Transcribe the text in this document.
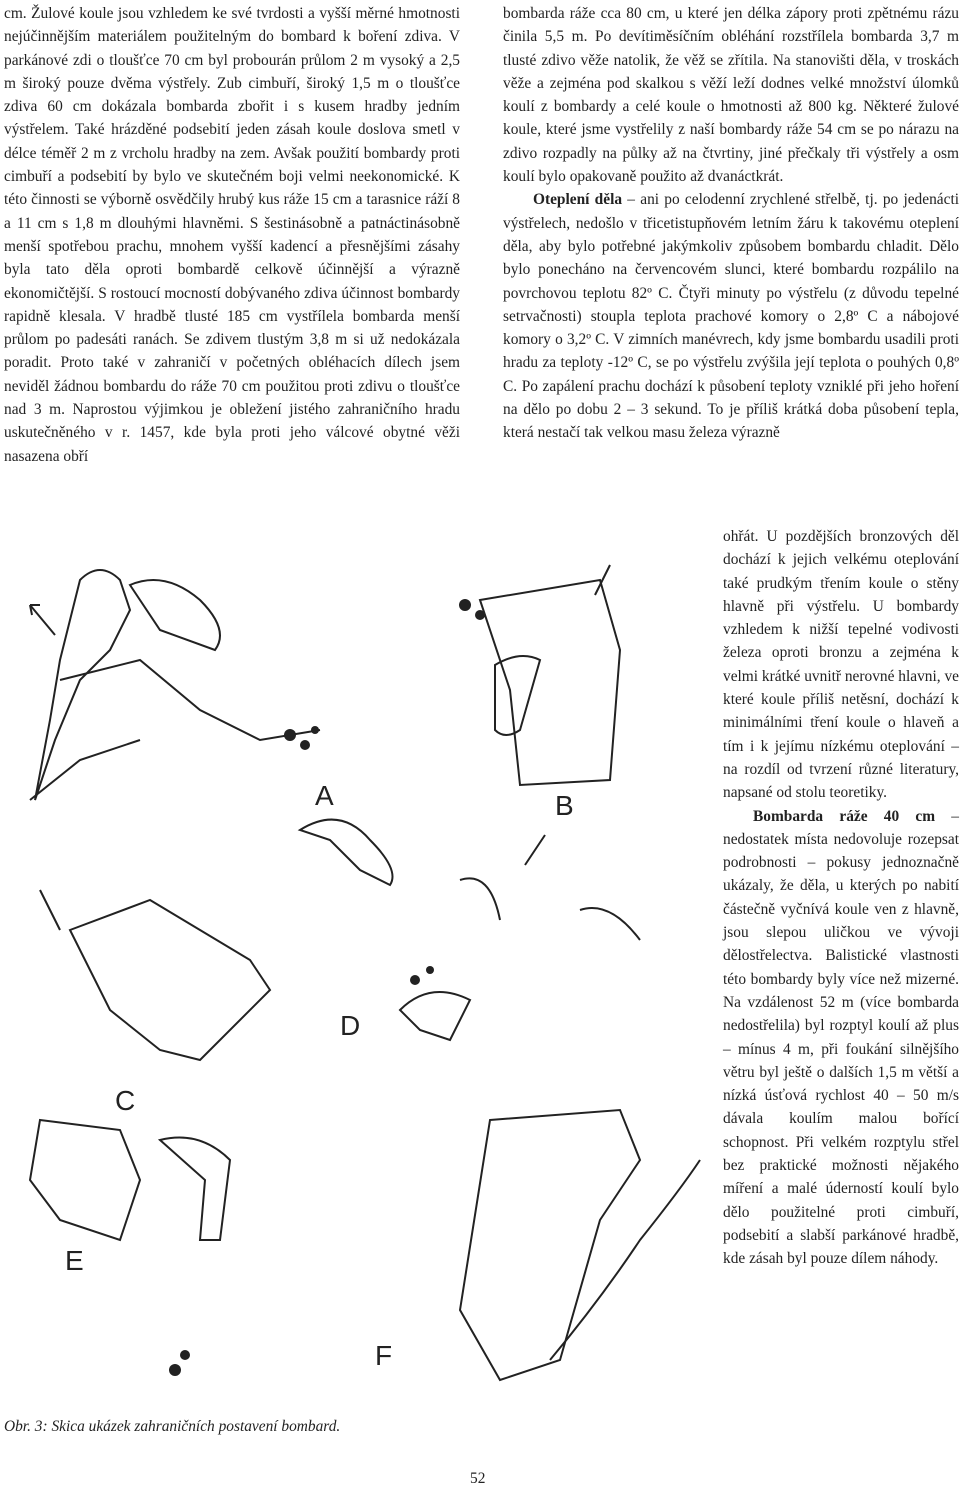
cm. Žulové koule jsou vzhledem ke své tvrdosti a vyšší měrné hmotnosti nejúčinnějším materiálem použitelným do bombard k boření zdiva. V parkánové zdi o tloušťce 70 cm byl probourán průlom 2 m vysoký a 2,5 m široký pouze dvěma výstřely. Zub cimbuří, široký 1,5 m o tloušťce zdiva 60 cm dokázala bombarda zbořit i s kusem hradby jedním výstřelem. Také hrázděné podsebití jeden zásah koule doslova smetl v délce téměř 2 m z vrcholu hradby na zem. Avšak použití bombardy proti cimbuří a podsebití by bylo ve skutečném boji velmi neekonomické. K této činnosti se výborně osvědčily hrubý kus ráže 15 cm a tarasnice ráží 8 a 11 cm s 1,8 m dlouhými hlavněmi. S šestinásobně a patnáctinásobně menší spotřebou prachu, mnohem vyšší kadencí a přesnějšími zásahy byla tato děla oproti bombardě celkově účinnější a výrazně ekonomičtější. S rostoucí mocností dobývaného zdiva účinnost bombardy rapidně klesala. V hradbě tlusté 185 cm vystřílela bombarda menší průlom po padesáti ranách. Se zdivem tlustým 3,8 m si už nedokázala poradit. Proto také v zahraničí v početných obléhacích dílech jsem neviděl žádnou bombardu do ráže 70 cm použitou proti zdivu o tloušťce nad 3 m. Naprostou výjimkou je obležení jistého zahraničního hradu uskutečněného v r. 1457, kde byla proti jeho válcové obytné věži nasazena obří

bombarda ráže cca 80 cm, u které jen délka zápory proti zpětnému rázu činila 5,5 m. Po devítiměsíčním obléhání rozstřílela bombarda 3,7 m tlusté zdivo věže natolik, že věž se zřítila. Na stanovišti děla, v troskách věže a zejména pod skalkou s věží leží dodnes velké množství úlomků koulí z bombardy a celé koule o hmotnosti až 800 kg. Některé žulové koule, které jsme vystřelily z naší bombardy ráže 54 cm se po nárazu na zdivo rozpadly na půlky až na čtvrtiny, jiné přečkaly tři výstřely a osm koulí bylo opakovaně použito až dvanáctkrát.

Oteplení děla – ani po celodenní zrychlené střelbě, tj. po jedenácti výstřelech, nedošlo v třicetistupňovém letním žáru k takovému oteplení děla, aby bylo potřebné jakýmkoliv způsobem bombardu chladit. Dělo bylo ponecháno na červencovém slunci, které bombardu rozpálilo na povrchovou teplotu 82º C. Čtyři minuty po výstřelu (z důvodu tepelné setrvačnosti) stoupla teplota prachové komory o 2,8º C a nábojové komory o 3,2º C. V zimních manévrech, kdy jsme bombardu usadili proti hradu za teploty -12º C, se po výstřelu zvýšila její teplota o pouhých 0,8º C. Po zapálení prachu dochází k působení teploty vzniklé při jeho hoření na dělo po dobu 2 – 3 sekund. To je příliš krátká doba působení tepla, která nestačí tak velkou masu železa výrazně

ohřát. U pozdějších bronzových děl dochází k jejich velkému oteplování také prudkým třením koule o stěny hlavně při výstřelu. U bombardy vzhledem k nižší tepelné vodivosti železa oproti bronzu a zejména k velmi krátké uvnitř nerovné hlavni, ve které koule příliš netěsní, dochází k minimálními tření koule o hlaveň a tím i k jejímu nízkému oteplování – na rozdíl od tvrzení různé literatury, napsané od stolu teoretiky.

Bombarda ráže 40 cm – nedostatek místa nedovoluje rozepsat podrobnosti – pokusy jednoznačně ukázaly, že děla, u kterých po nabití částečně vyčnívá koule ven z hlavně, jsou slepou uličkou ve vývoji dělostřelectva. Balistické vlastnosti této bombardy byly více než mizerné. Na vzdálenost 52 m (více bombarda nedostřelila) byl rozptyl koulí až plus – mínus 4 m, při foukání silnějšího větru byl ještě o dalších 1,5 m větší a nízká úsťová rychlost 40 – 50 m/s dávala koulím malou bořící schopnost. Při velkém rozptylu střel bez praktické možnosti nějakého míření a malé úderností koulí bylo dělo použitelné proti cimbuří, podsebití a slabší parkánové hradbě, kde zásah byl pouze dílem náhody.

A	B
C
D
E
F
Obr. 3: Skica ukázek zahraničních postavení bombard.
52
